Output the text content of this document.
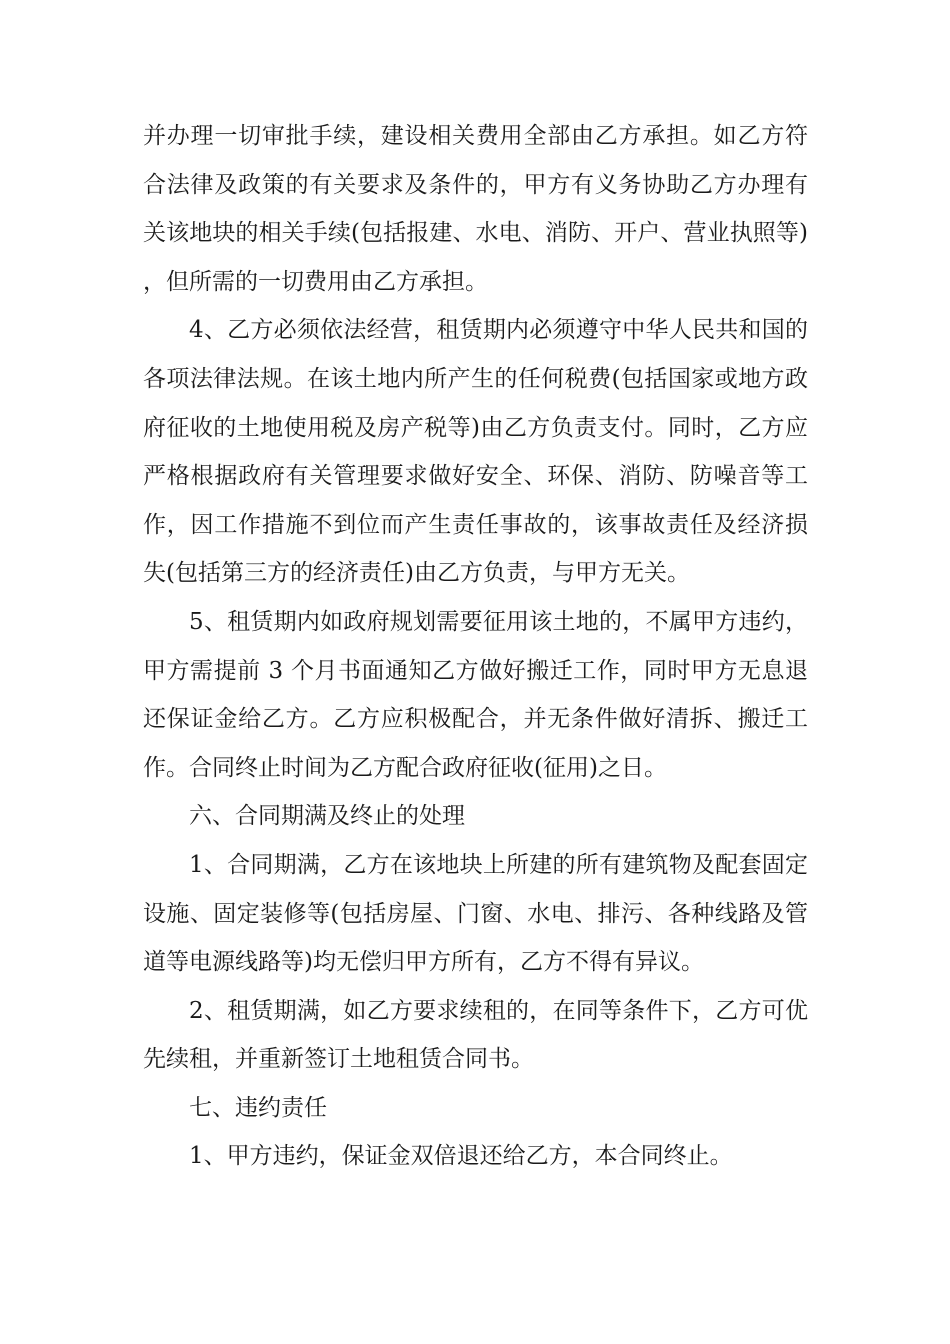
并办理一切审批手续，建设相关费用全部由乙方承担。如乙方符合法律及政策的有关要求及条件的，甲方有义务协助乙方办理有关该地块的相关手续(包括报建、水电、消防、开户、营业执照等)，但所需的一切费用由乙方承担。

4、乙方必须依法经营，租赁期内必须遵守中华人民共和国的各项法律法规。在该土地内所产生的任何税费(包括国家或地方政府征收的土地使用税及房产税等)由乙方负责支付。同时，乙方应严格根据政府有关管理要求做好安全、环保、消防、防噪音等工作，因工作措施不到位而产生责任事故的，该事故责任及经济损失(包括第三方的经济责任)由乙方负责，与甲方无关。

5、租赁期内如政府规划需要征用该土地的，不属甲方违约，甲方需提前 3 个月书面通知乙方做好搬迁工作，同时甲方无息退还保证金给乙方。乙方应积极配合，并无条件做好清拆、搬迁工作。合同终止时间为乙方配合政府征收(征用)之日。

六、合同期满及终止的处理

1、合同期满，乙方在该地块上所建的所有建筑物及配套固定设施、固定装修等(包括房屋、门窗、水电、排污、各种线路及管道等电源线路等)均无偿归甲方所有，乙方不得有异议。

2、租赁期满，如乙方要求续租的，在同等条件下，乙方可优先续租，并重新签订土地租赁合同书。

七、违约责任

1、甲方违约，保证金双倍退还给乙方，本合同终止。
